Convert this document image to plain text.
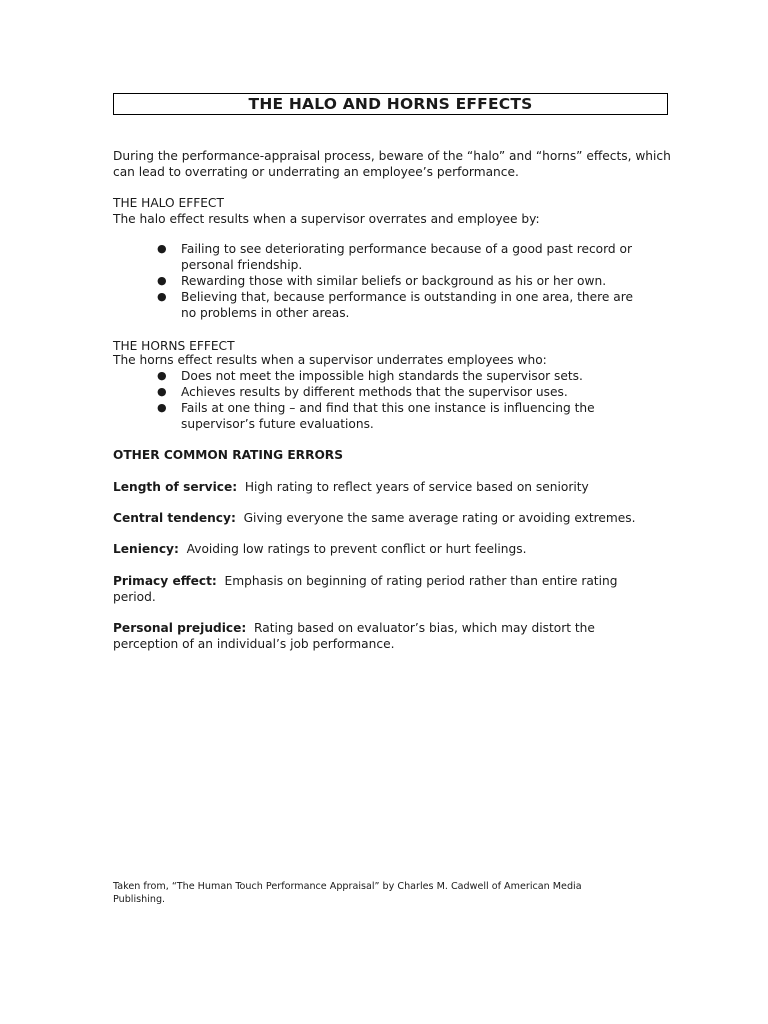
THE HALO AND HORNS EFFECTS

During the performance-appraisal process, beware of the “halo” and “horns” effects, which can lead to overrating or underrating an employee’s performance.

THE HALO EFFECT
The halo effect results when a supervisor overrates and employee by:
● Failing to see deteriorating performance because of a good past record or personal friendship.
● Rewarding those with similar beliefs or background as his or her own.
● Believing that, because performance is outstanding in one area, there are no problems in other areas.
THE HORNS EFFECT
The horns effect results when a supervisor underrates employees who:
● Does not meet the impossible high standards the supervisor sets.
● Achieves results by different methods that the supervisor uses.
● Fails at one thing – and find that this one instance is influencing the supervisor’s future evaluations.
OTHER COMMON RATING ERRORS

Length of service: High rating to reflect years of service based on seniority

Central tendency: Giving everyone the same average rating or avoiding extremes.

Leniency: Avoiding low ratings to prevent conflict or hurt feelings.

Primacy effect: Emphasis on beginning of rating period rather than entire rating period.

Personal prejudice: Rating based on evaluator’s bias, which may distort the perception of an individual’s job performance.

Taken from, “The Human Touch Performance Appraisal” by Charles M. Cadwell of American Media Publishing.
